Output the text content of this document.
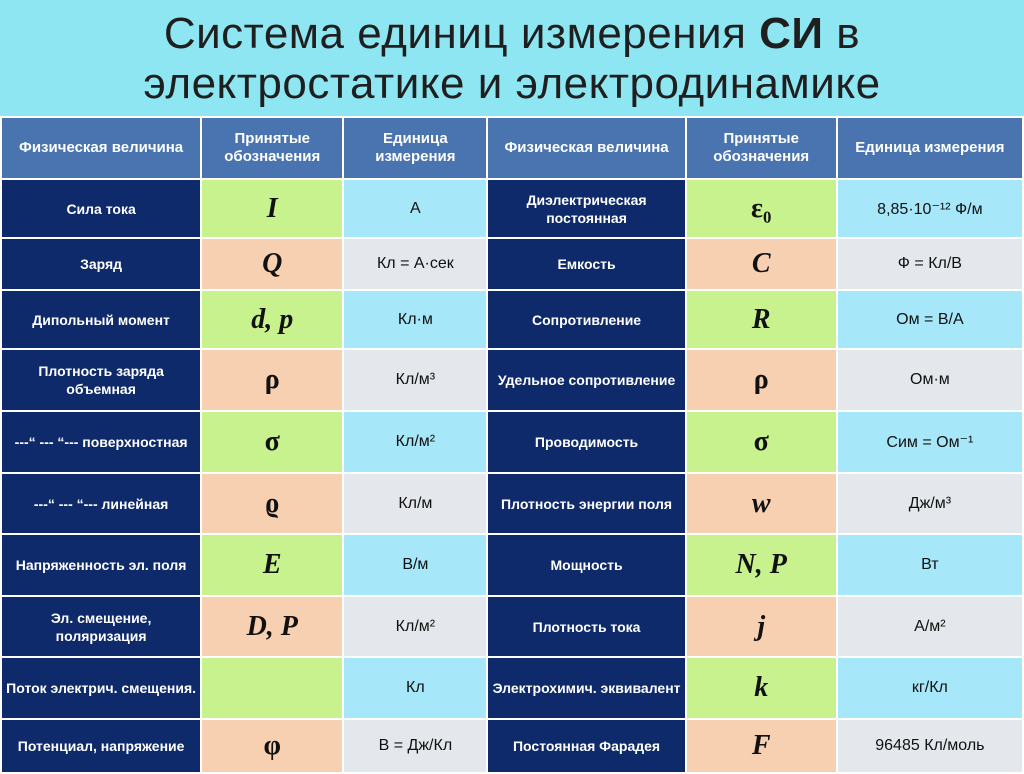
Система единиц измерения СИ в
электростатике и электродинамике
Физическая величина	Принятые обозначения	Единица измерения	Физическая величина	Принятые обозначения	Единица измерения
Сила тока	I	А	Диэлектрическая постоянная	ε₀	8,85·10⁻¹² Ф/м
Заряд	Q	Кл = А·сек	Емкость	C	Ф = Кл/В
Дипольный момент	d, p	Кл·м	Сопротивление	R	Ом = В/А
Плотность заряда объемная	ρ	Кл/м³	Удельное сопротивление	ρ	Ом·м
---“ --- “--- поверхностная	σ	Кл/м²	Проводимость	σ	Сим = Ом⁻¹
---“ --- “--- линейная	ϱ	Кл/м	Плотность энергии поля	w	Дж/м³
Напряженность эл. поля	E	В/м	Мощность	N, P	Вт
Эл. смещение, поляризация	D, P	Кл/м²	Плотность тока	j	А/м²
Поток электрич. смещения.		Кл	Электрохимич. эквивалент	k	кг/Кл
Потенциал, напряжение	φ	В = Дж/Кл	Постоянная Фарадея	F	96485 Кл/моль
